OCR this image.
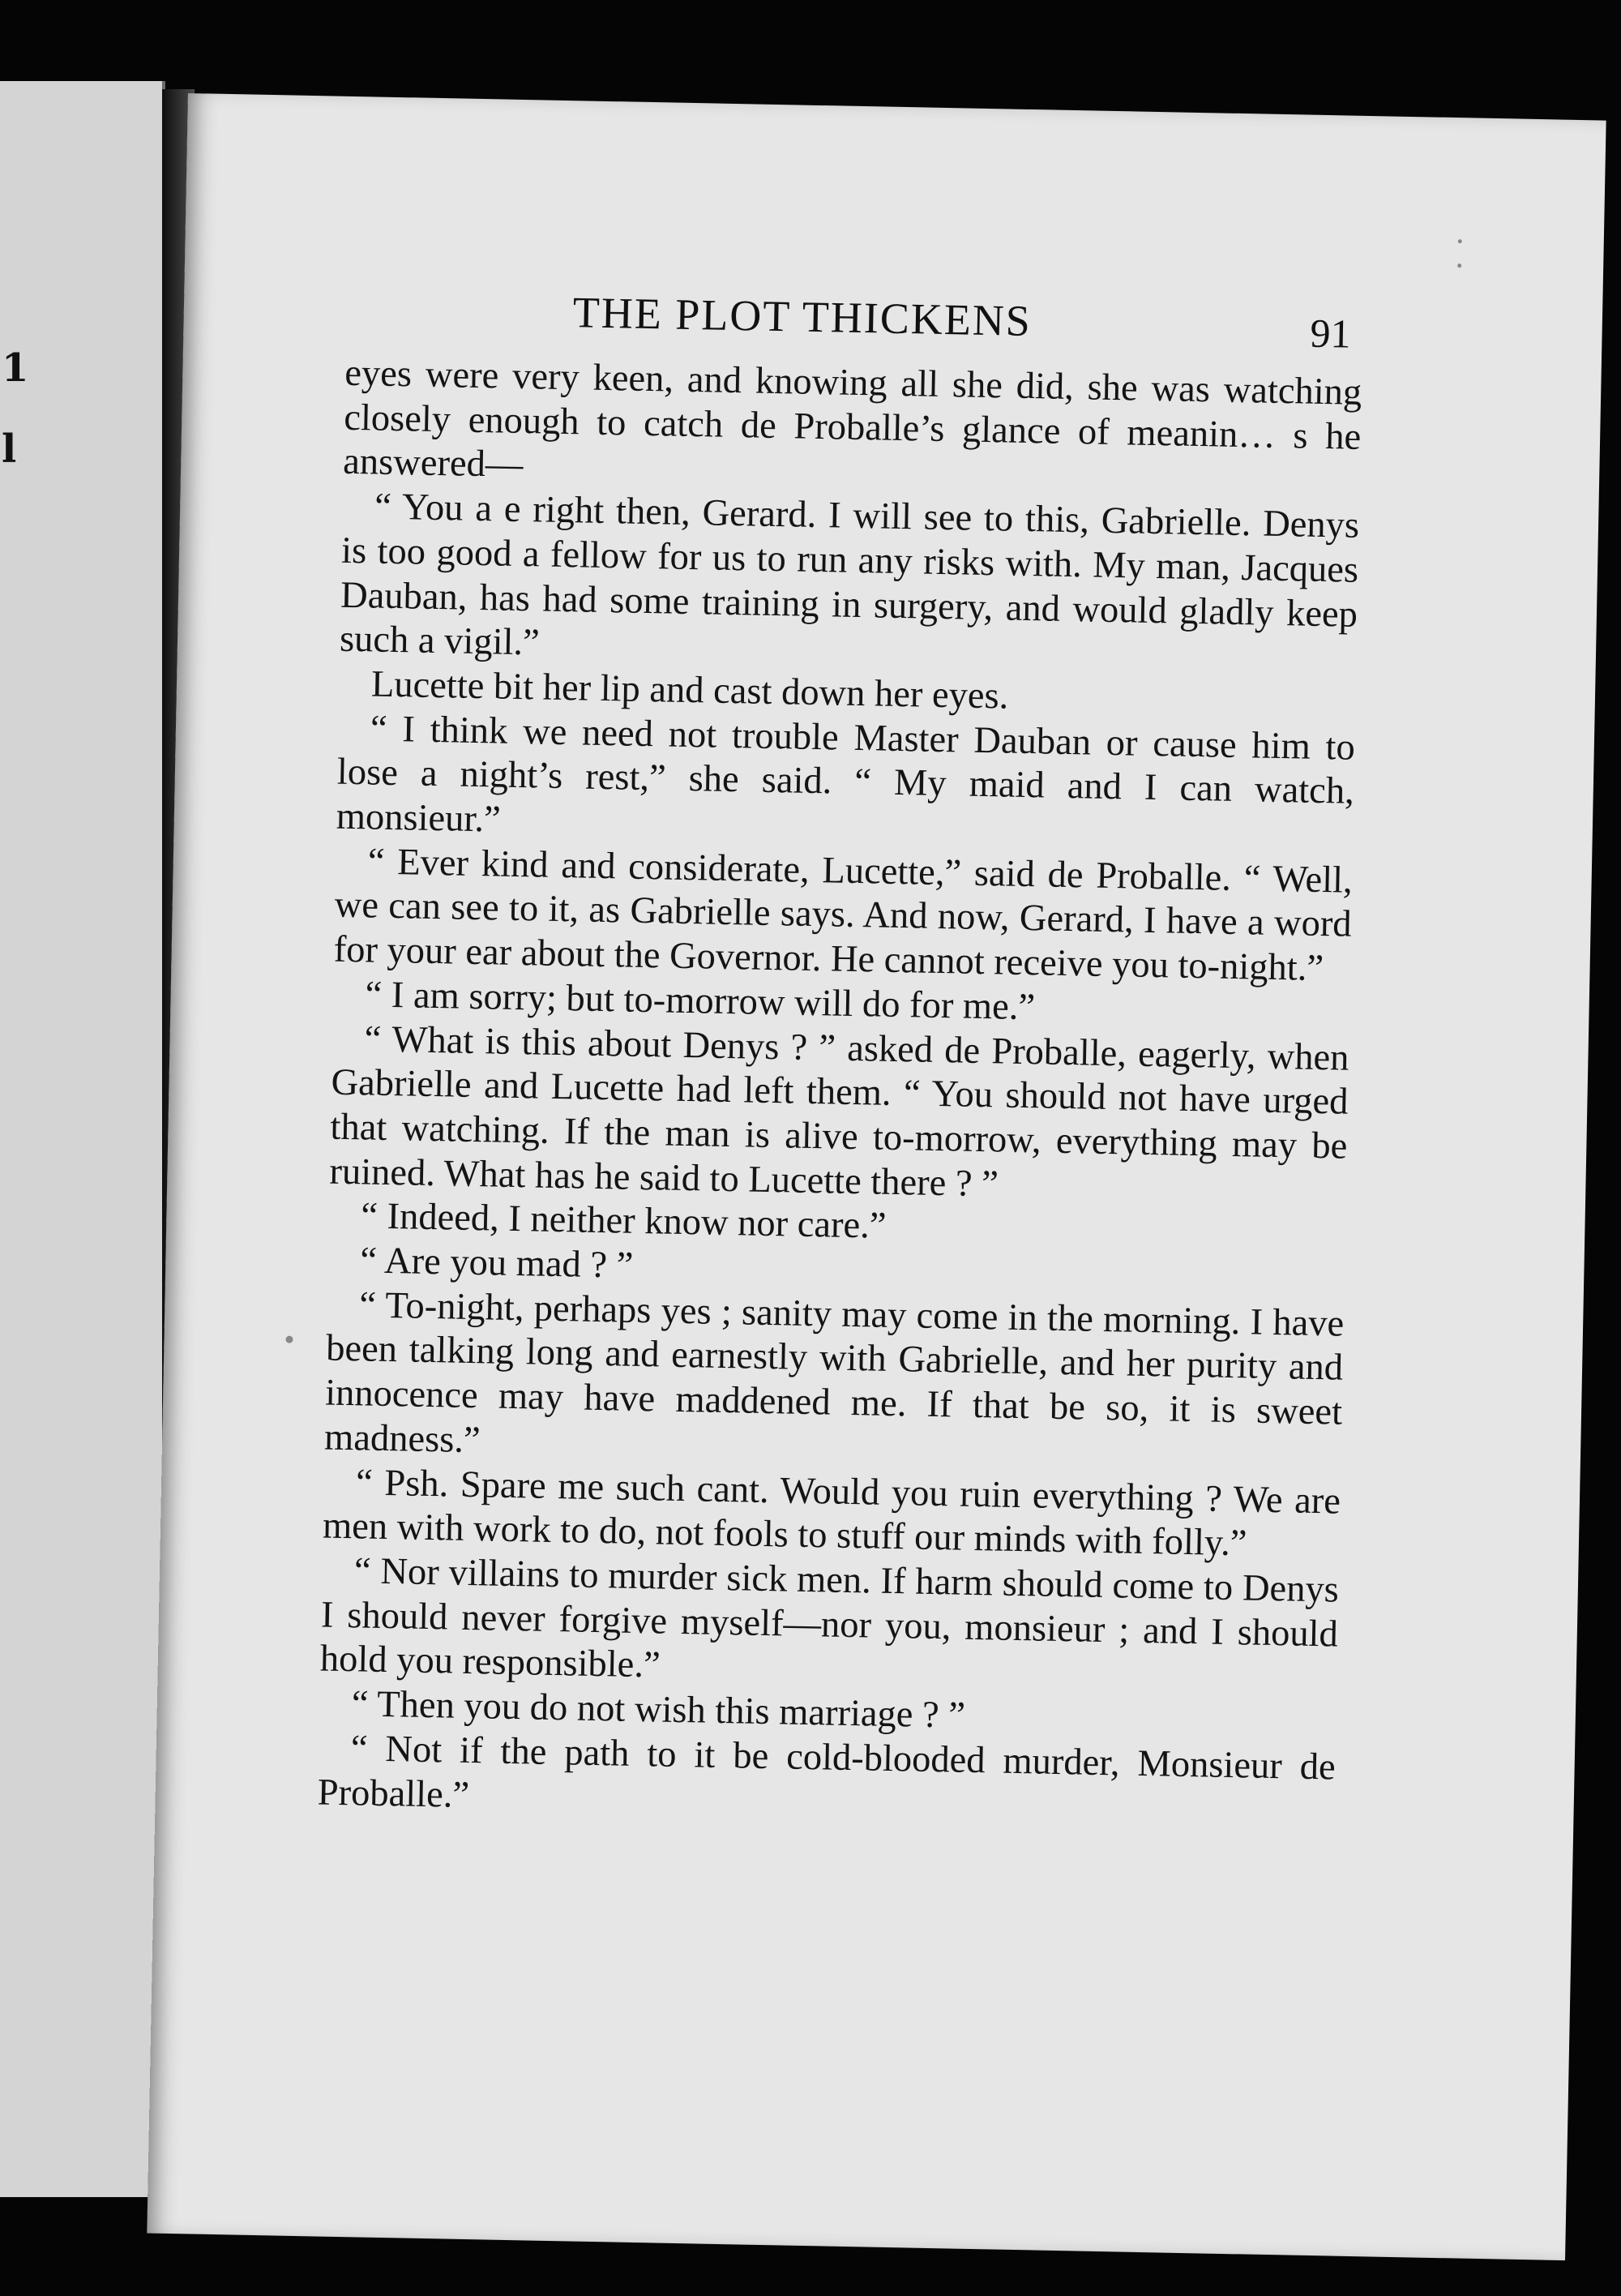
1
l
THE PLOT THICKENS	91

eyes were very keen, and knowing all she did, she was watching closely enough to catch de Proballe’s glance of meanin… s he answered—

“ You a e right then, Gerard. I will see to this, Gabrielle. Denys is too good a fellow for us to run any risks with. My man, Jacques Dauban, has had some training in surgery, and would gladly keep such a vigil.”

Lucette bit her lip and cast down her eyes.

“ I think we need not trouble Master Dauban or cause him to lose a night’s rest,” she said. “ My maid and I can watch, monsieur.”

“ Ever kind and considerate, Lucette,” said de Proballe. “ Well, we can see to it, as Gabrielle says. And now, Gerard, I have a word for your ear about the Governor. He cannot receive you to-night.”

“ I am sorry; but to-morrow will do for me.”

“ What is this about Denys ? ” asked de Proballe, eagerly, when Gabrielle and Lucette had left them. “ You should not have urged that watching. If the man is alive to-morrow, everything may be ruined. What has he said to Lucette there ? ”

“ Indeed, I neither know nor care.”

“ Are you mad ? ”

“ To-night, perhaps yes ; sanity may come in the morning. I have been talking long and earnestly with Gabrielle, and her purity and innocence may have maddened me. If that be so, it is sweet madness.”

“ Psh. Spare me such cant. Would you ruin everything ? We are men with work to do, not fools to stuff our minds with folly.”

“ Nor villains to murder sick men. If harm should come to Denys I should never forgive myself—nor you, monsieur ; and I should hold you responsible.”

“ Then you do not wish this marriage ? ”

“ Not if the path to it be cold-blooded murder, Monsieur de Proballe.”
